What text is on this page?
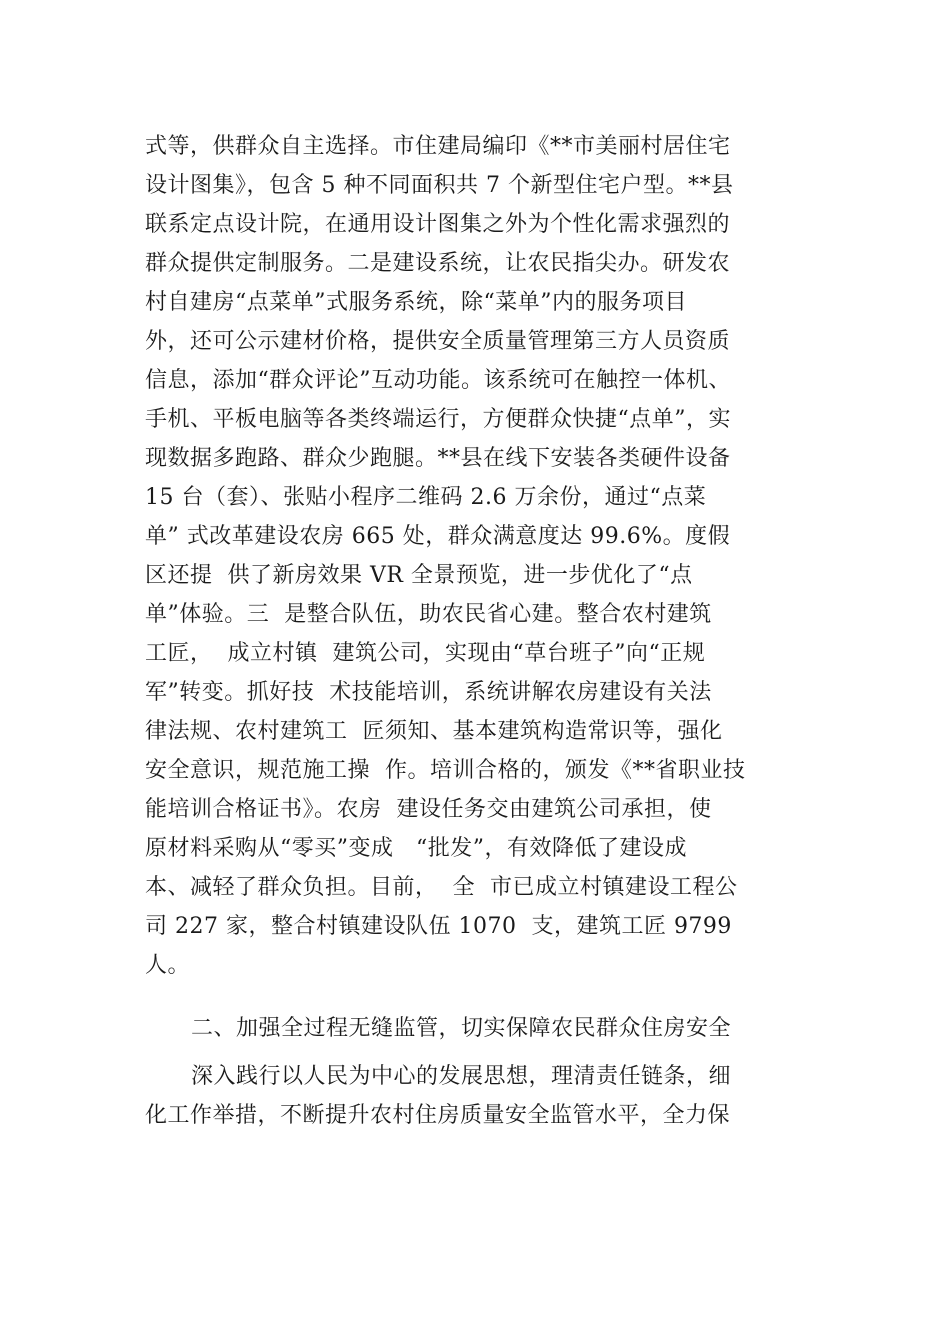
式等，供群众自主选择。市住建局编印《**市美丽村居住宅
设计图集》，包含 5 种不同面积共 7 个新型住宅户型。**县
联系定点设计院，在通用设计图集之外为个性化需求强烈的
群众提供定制服务。二是建设系统，让农民指尖办。研发农
村自建房“点菜单”式服务系统，除“菜单”内的服务项目
外，还可公示建材价格，提供安全质量管理第三方人员资质
信息，添加“群众评论”互动功能。该系统可在触控一体机、
手机、平板电脑等各类终端运行，方便群众快捷“点单”，实
现数据多跑路、群众少跑腿。**县在线下安装各类硬件设备
15 台（套）、张贴小程序二维码 2.6 万余份，通过“点菜
单” 式改革建设农房 665 处，群众满意度达 99.6%。度假
区还提  供了新房效果 VR 全景预览，进一步优化了“点
单”体验。三  是整合队伍，助农民省心建。整合农村建筑
工匠，  成立村镇  建筑公司，实现由“草台班子”向“正规
军”转变。抓好技  术技能培训，系统讲解农房建设有关法
律法规、农村建筑工  匠须知、基本建筑构造常识等，强化
安全意识，规范施工操  作。培训合格的，颁发《**省职业技
能培训合格证书》。农房  建设任务交由建筑公司承担，使
原材料采购从“零买”变成   “批发”，有效降低了建设成
本、减轻了群众负担。目前，  全  市已成立村镇建设工程公
司 227 家，整合村镇建设队伍 1070  支，建筑工匠 9799
人。
二、加强全过程无缝监管，切实保障农民群众住房安全
深入践行以人民为中心的发展思想，理清责任链条，细
化工作举措，不断提升农村住房质量安全监管水平，全力保
